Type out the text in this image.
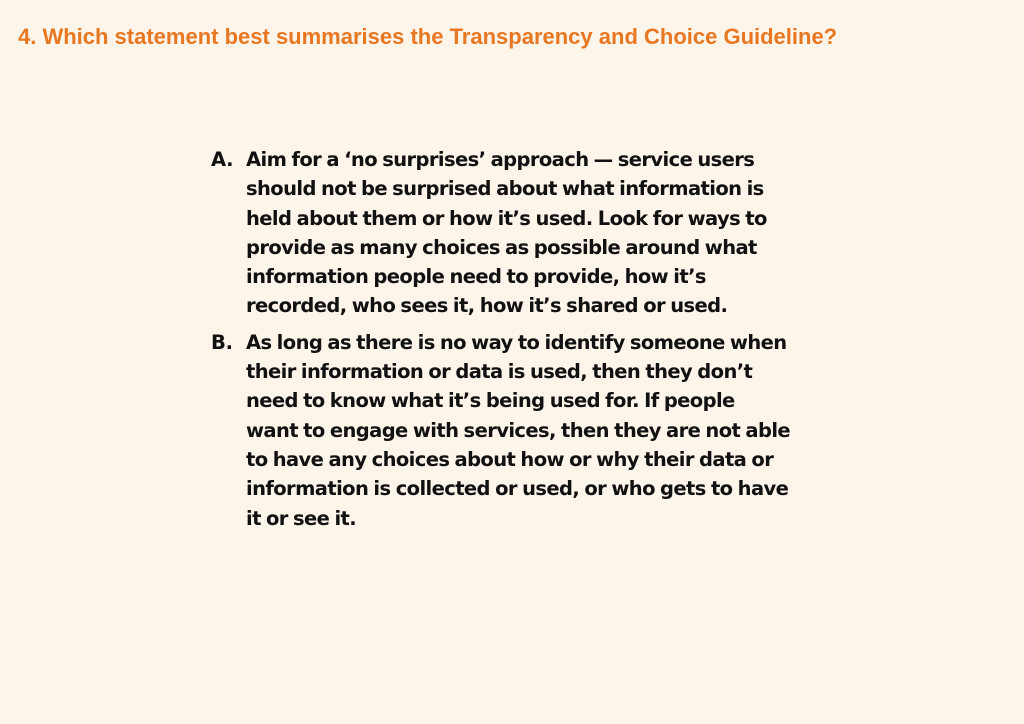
4. Which statement best summarises the Transparency and Choice Guideline?
A. Aim for a ‘no surprises’ approach — service users
should not be surprised about what information is
held about them or how it’s used. Look for ways to
provide as many choices as possible around what
information people need to provide, how it’s
recorded, who sees it, how it’s shared or used.

B. As long as there is no way to identify someone when
their information or data is used, then they don’t
need to know what it’s being used for. If people
want to engage with services, then they are not able
to have any choices about how or why their data or
information is collected or used, or who gets to have
it or see it.
